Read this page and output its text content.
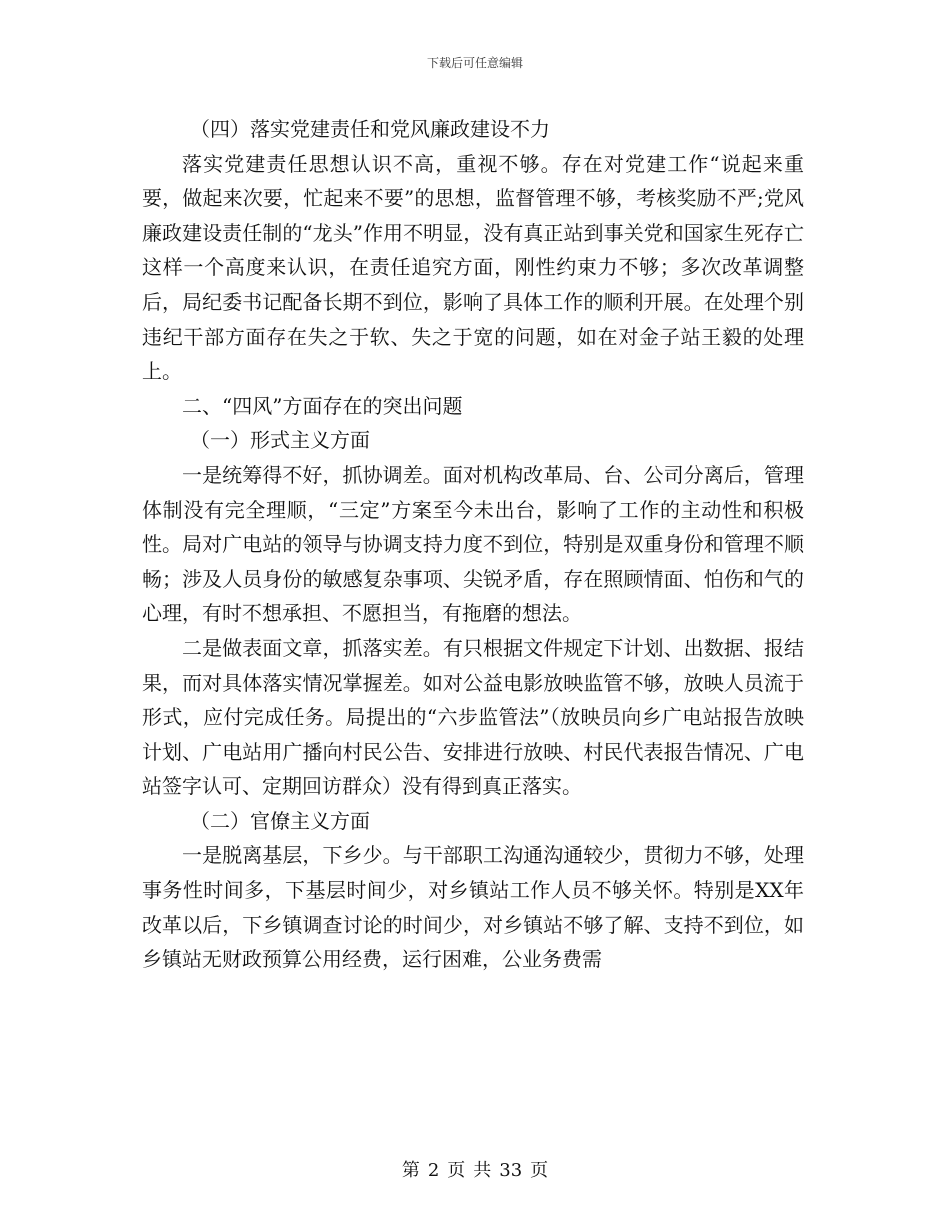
下载后可任意编辑

（四）落实党建责任和党风廉政建设不力

落实党建责任思想认识不高，重视不够。存在对党建工作“说起来重要，做起来次要，忙起来不要”的思想，监督管理不够，考核奖励不严;党风廉政建设责任制的“龙头”作用不明显，没有真正站到事关党和国家生死存亡这样一个高度来认识，在责任追究方面，刚性约束力不够；多次改革调整后，局纪委书记配备长期不到位，影响了具体工作的顺利开展。在处理个别违纪干部方面存在失之于软、失之于宽的问题，如在对金子站王毅的处理上。

二、“四风”方面存在的突出问题

（一）形式主义方面

一是统筹得不好，抓协调差。面对机构改革局、台、公司分离后，管理体制没有完全理顺，“三定”方案至今未出台，影响了工作的主动性和积极性。局对广电站的领导与协调支持力度不到位，特别是双重身份和管理不顺畅；涉及人员身份的敏感复杂事项、尖锐矛盾，存在照顾情面、怕伤和气的心理，有时不想承担、不愿担当，有拖磨的想法。

二是做表面文章，抓落实差。有只根据文件规定下计划、出数据、报结果，而对具体落实情况掌握差。如对公益电影放映监管不够，放映人员流于形式，应付完成任务。局提出的“六步监管法”（放映员向乡广电站报告放映计划、广电站用广播向村民公告、安排进行放映、村民代表报告情况、广电站签字认可、定期回访群众）没有得到真正落实。

（二）官僚主义方面

一是脱离基层，下乡少。与干部职工沟通沟通较少，贯彻力不够，处理事务性时间多，下基层时间少，对乡镇站工作人员不够关怀。特别是XX年改革以后，下乡镇调查讨论的时间少，对乡镇站不够了解、支持不到位，如乡镇站无财政预算公用经费，运行困难，公业务费需

第 2 页 共 33 页
